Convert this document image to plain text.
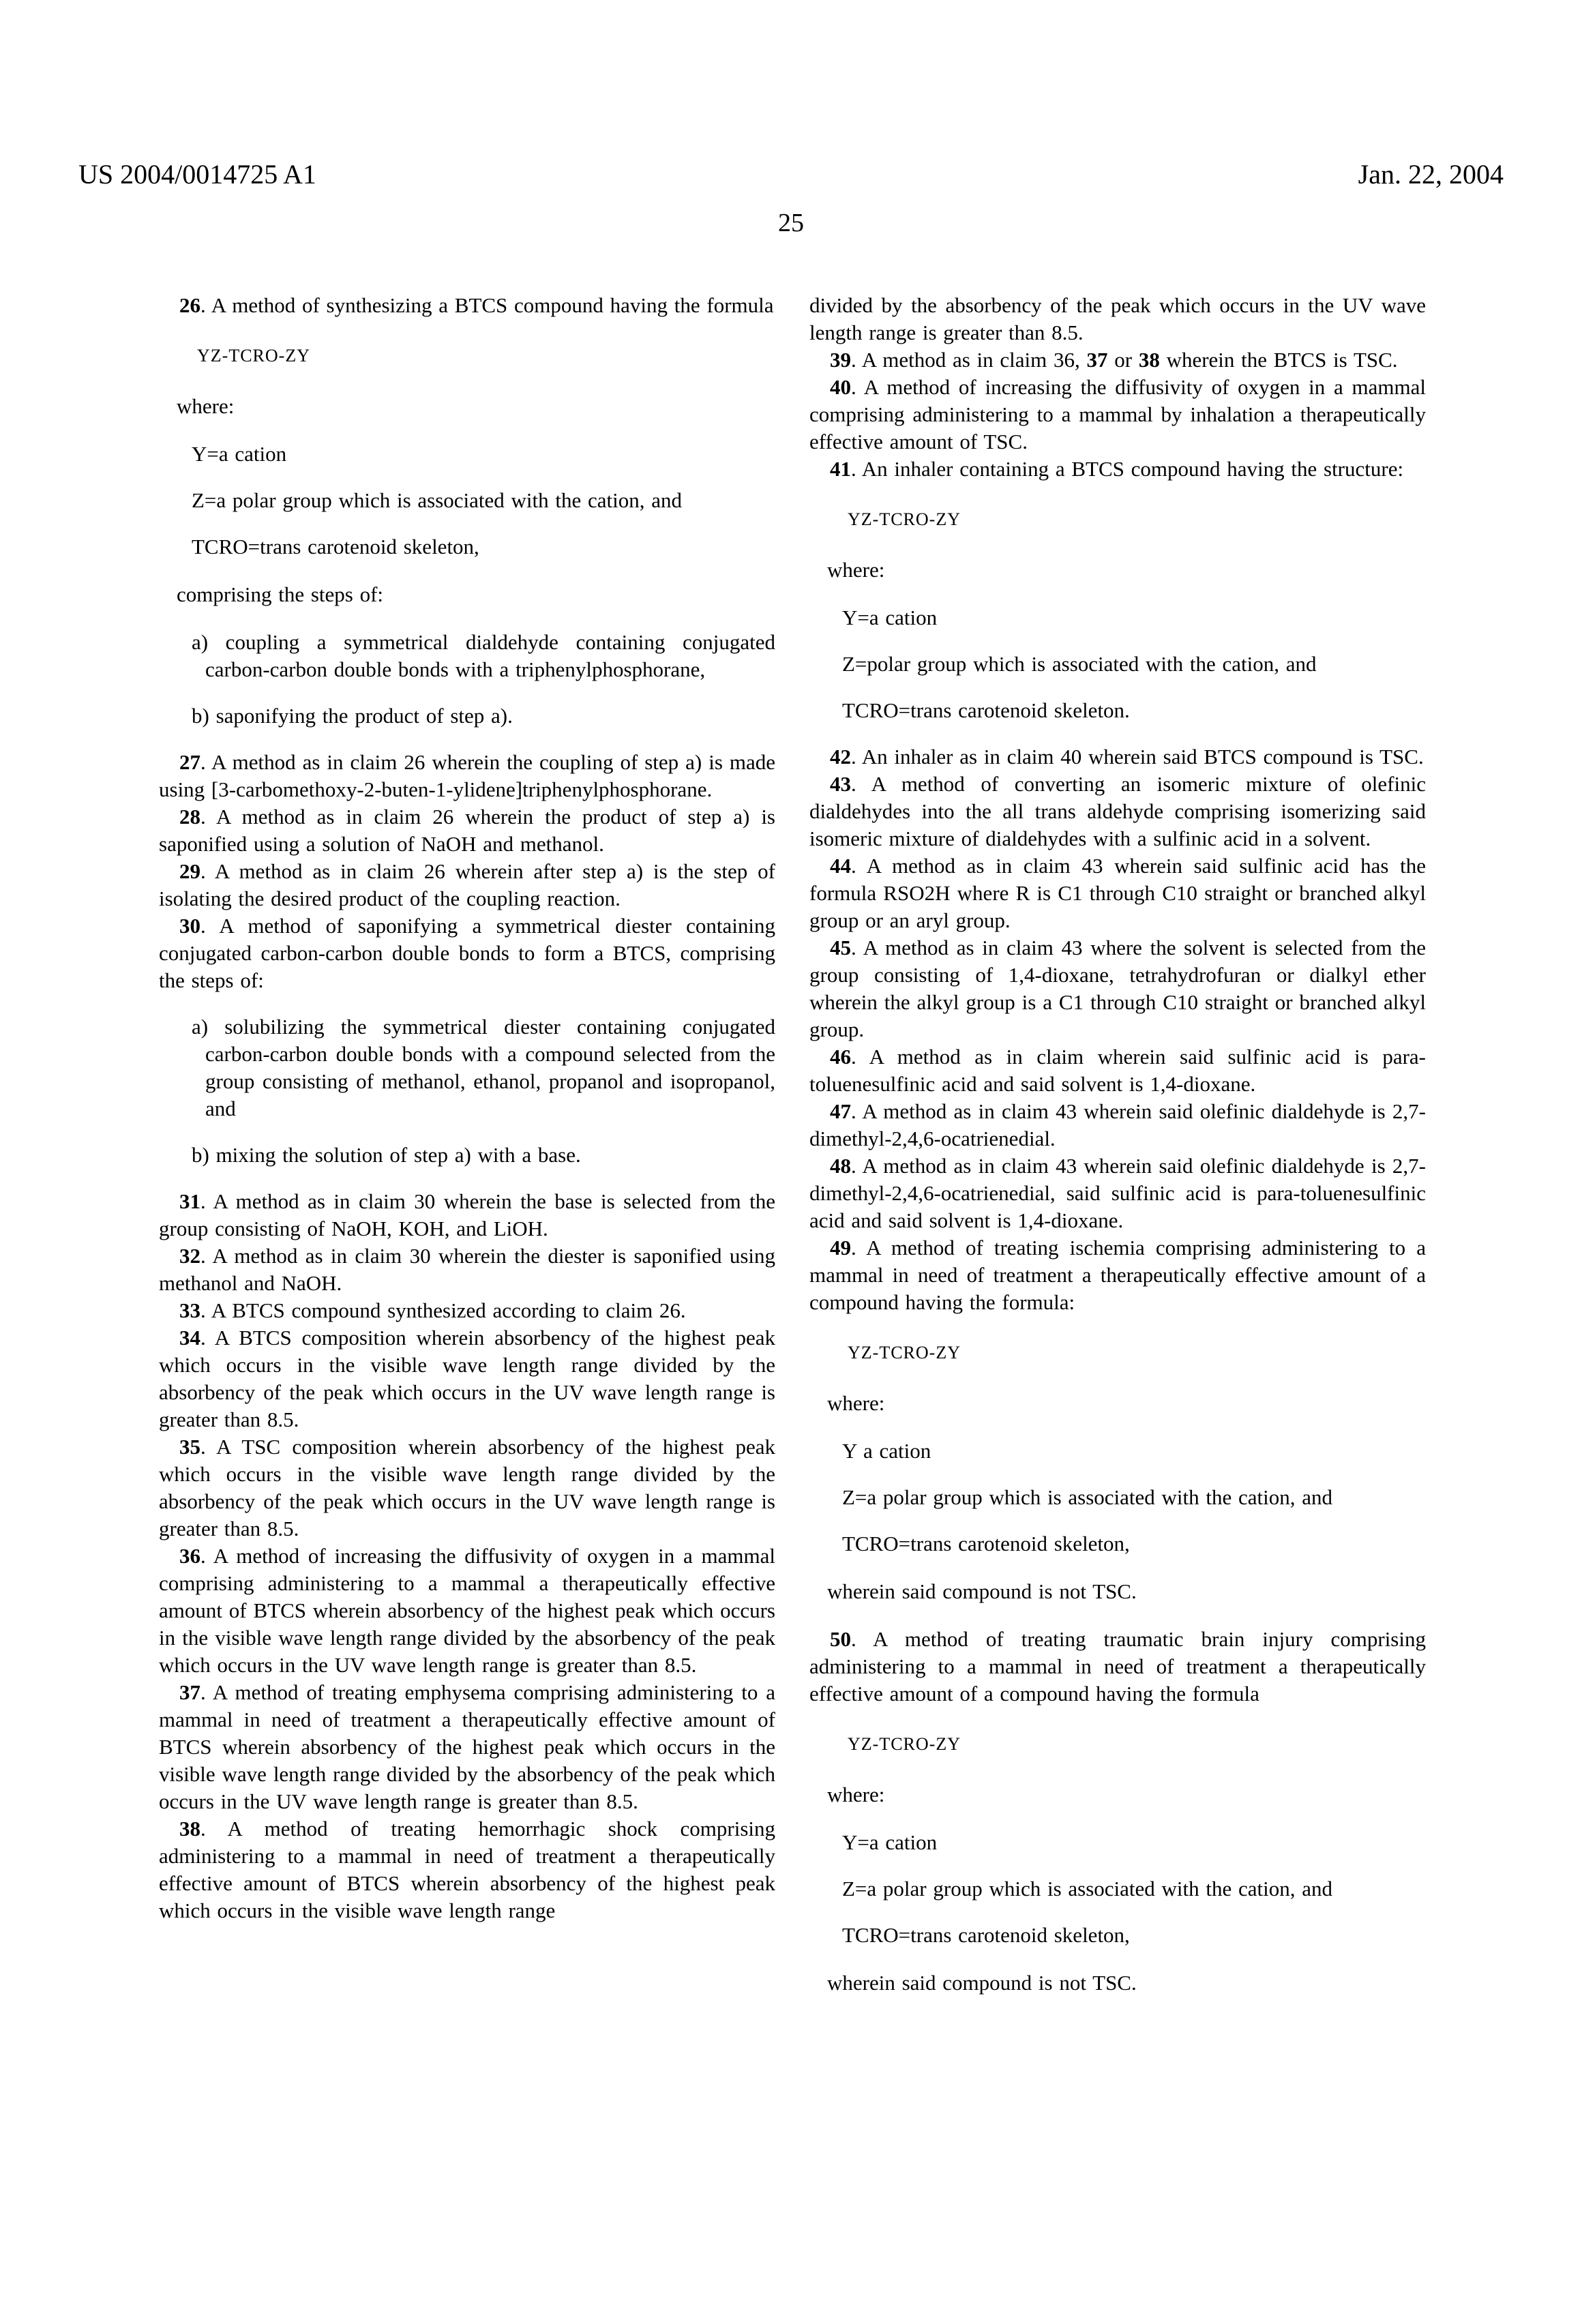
US 2004/0014725 A1	Jan. 22, 2004
25
26. A method of synthesizing a BTCS compound having the formula
YZ-TCRO-ZY
where:
Y=a cation
Z=a polar group which is associated with the cation, and
TCRO=trans carotenoid skeleton,
comprising the steps of:
a) coupling a symmetrical dialdehyde containing conjugated carbon-carbon double bonds with a triphenylphosphorane,
b) saponifying the product of step a).
27. A method as in claim 26 wherein the coupling of step a) is made using [3-carbomethoxy-2-buten-1-ylidene]triphenylphosphorane.
28. A method as in claim 26 wherein the product of step a) is saponified using a solution of NaOH and methanol.
29. A method as in claim 26 wherein after step a) is the step of isolating the desired product of the coupling reaction.
30. A method of saponifying a symmetrical diester containing conjugated carbon-carbon double bonds to form a BTCS, comprising the steps of:
a) solubilizing the symmetrical diester containing conjugated carbon-carbon double bonds with a compound selected from the group consisting of methanol, ethanol, propanol and isopropanol, and
b) mixing the solution of step a) with a base.
31. A method as in claim 30 wherein the base is selected from the group consisting of NaOH, KOH, and LiOH.
32. A method as in claim 30 wherein the diester is saponified using methanol and NaOH.
33. A BTCS compound synthesized according to claim 26.
34. A BTCS composition wherein absorbency of the highest peak which occurs in the visible wave length range divided by the absorbency of the peak which occurs in the UV wave length range is greater than 8.5.
35. A TSC composition wherein absorbency of the highest peak which occurs in the visible wave length range divided by the absorbency of the peak which occurs in the UV wave length range is greater than 8.5.
36. A method of increasing the diffusivity of oxygen in a mammal comprising administering to a mammal a therapeutically effective amount of BTCS wherein absorbency of the highest peak which occurs in the visible wave length range divided by the absorbency of the peak which occurs in the UV wave length range is greater than 8.5.
37. A method of treating emphysema comprising administering to a mammal in need of treatment a therapeutically effective amount of BTCS wherein absorbency of the highest peak which occurs in the visible wave length range divided by the absorbency of the peak which occurs in the UV wave length range is greater than 8.5.
38. A method of treating hemorrhagic shock comprising administering to a mammal in need of treatment a therapeutically effective amount of BTCS wherein absorbency of the highest peak which occurs in the visible wave length range
divided by the absorbency of the peak which occurs in the UV wave length range is greater than 8.5.
39. A method as in claim 36, 37 or 38 wherein the BTCS is TSC.
40. A method of increasing the diffusivity of oxygen in a mammal comprising administering to a mammal by inhalation a therapeutically effective amount of TSC.
41. An inhaler containing a BTCS compound having the structure:
YZ-TCRO-ZY
where:
Y=a cation
Z=polar group which is associated with the cation, and
TCRO=trans carotenoid skeleton.
42. An inhaler as in claim 40 wherein said BTCS compound is TSC.
43. A method of converting an isomeric mixture of olefinic dialdehydes into the all trans aldehyde comprising isomerizing said isomeric mixture of dialdehydes with a sulfinic acid in a solvent.
44. A method as in claim 43 wherein said sulfinic acid has the formula RSO2H where R is C1 through C10 straight or branched alkyl group or an aryl group.
45. A method as in claim 43 where the solvent is selected from the group consisting of 1,4-dioxane, tetrahydrofuran or dialkyl ether wherein the alkyl group is a C1 through C10 straight or branched alkyl group.
46. A method as in claim wherein said sulfinic acid is para-toluenesulfinic acid and said solvent is 1,4-dioxane.
47. A method as in claim 43 wherein said olefinic dialdehyde is 2,7-dimethyl-2,4,6-ocatrienedial.
48. A method as in claim 43 wherein said olefinic dialdehyde is 2,7-dimethyl-2,4,6-ocatrienedial, said sulfinic acid is para-toluenesulfinic acid and said solvent is 1,4-dioxane.
49. A method of treating ischemia comprising administering to a mammal in need of treatment a therapeutically effective amount of a compound having the formula:
YZ-TCRO-ZY
where:
Y a cation
Z=a polar group which is associated with the cation, and
TCRO=trans carotenoid skeleton,
wherein said compound is not TSC.
50. A method of treating traumatic brain injury comprising administering to a mammal in need of treatment a therapeutically effective amount of a compound having the formula
YZ-TCRO-ZY
where:
Y=a cation
Z=a polar group which is associated with the cation, and
TCRO=trans carotenoid skeleton,
wherein said compound is not TSC.
